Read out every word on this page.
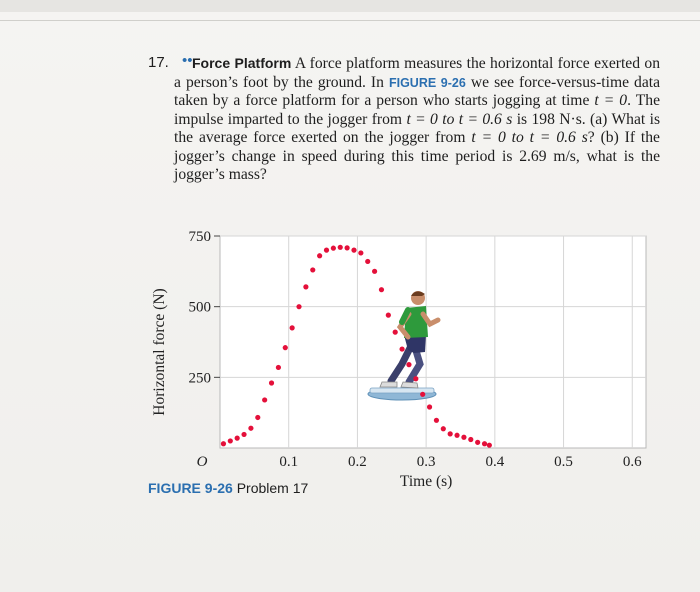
17. •• Force Platform A force platform measures the horizontal force exerted on a person’s foot by the ground. In FIGURE 9-26 we see force-versus-time data taken by a force platform for a person who starts jogging at time t = 0. The impulse imparted to the jogger from t = 0 to t = 0.6 s is 198 N·s. (a) What is the average force exerted on the jogger from t = 0 to t = 0.6 s? (b) If the jogger’s change in speed during this time period is 2.69 m/s, what is the jogger’s mass?
250
500
750
O	0.1	0.2	0.3	0.4	0.5	0.6
Time (s)
Horizontal force (N)
FIGURE 9-26 Problem 17
